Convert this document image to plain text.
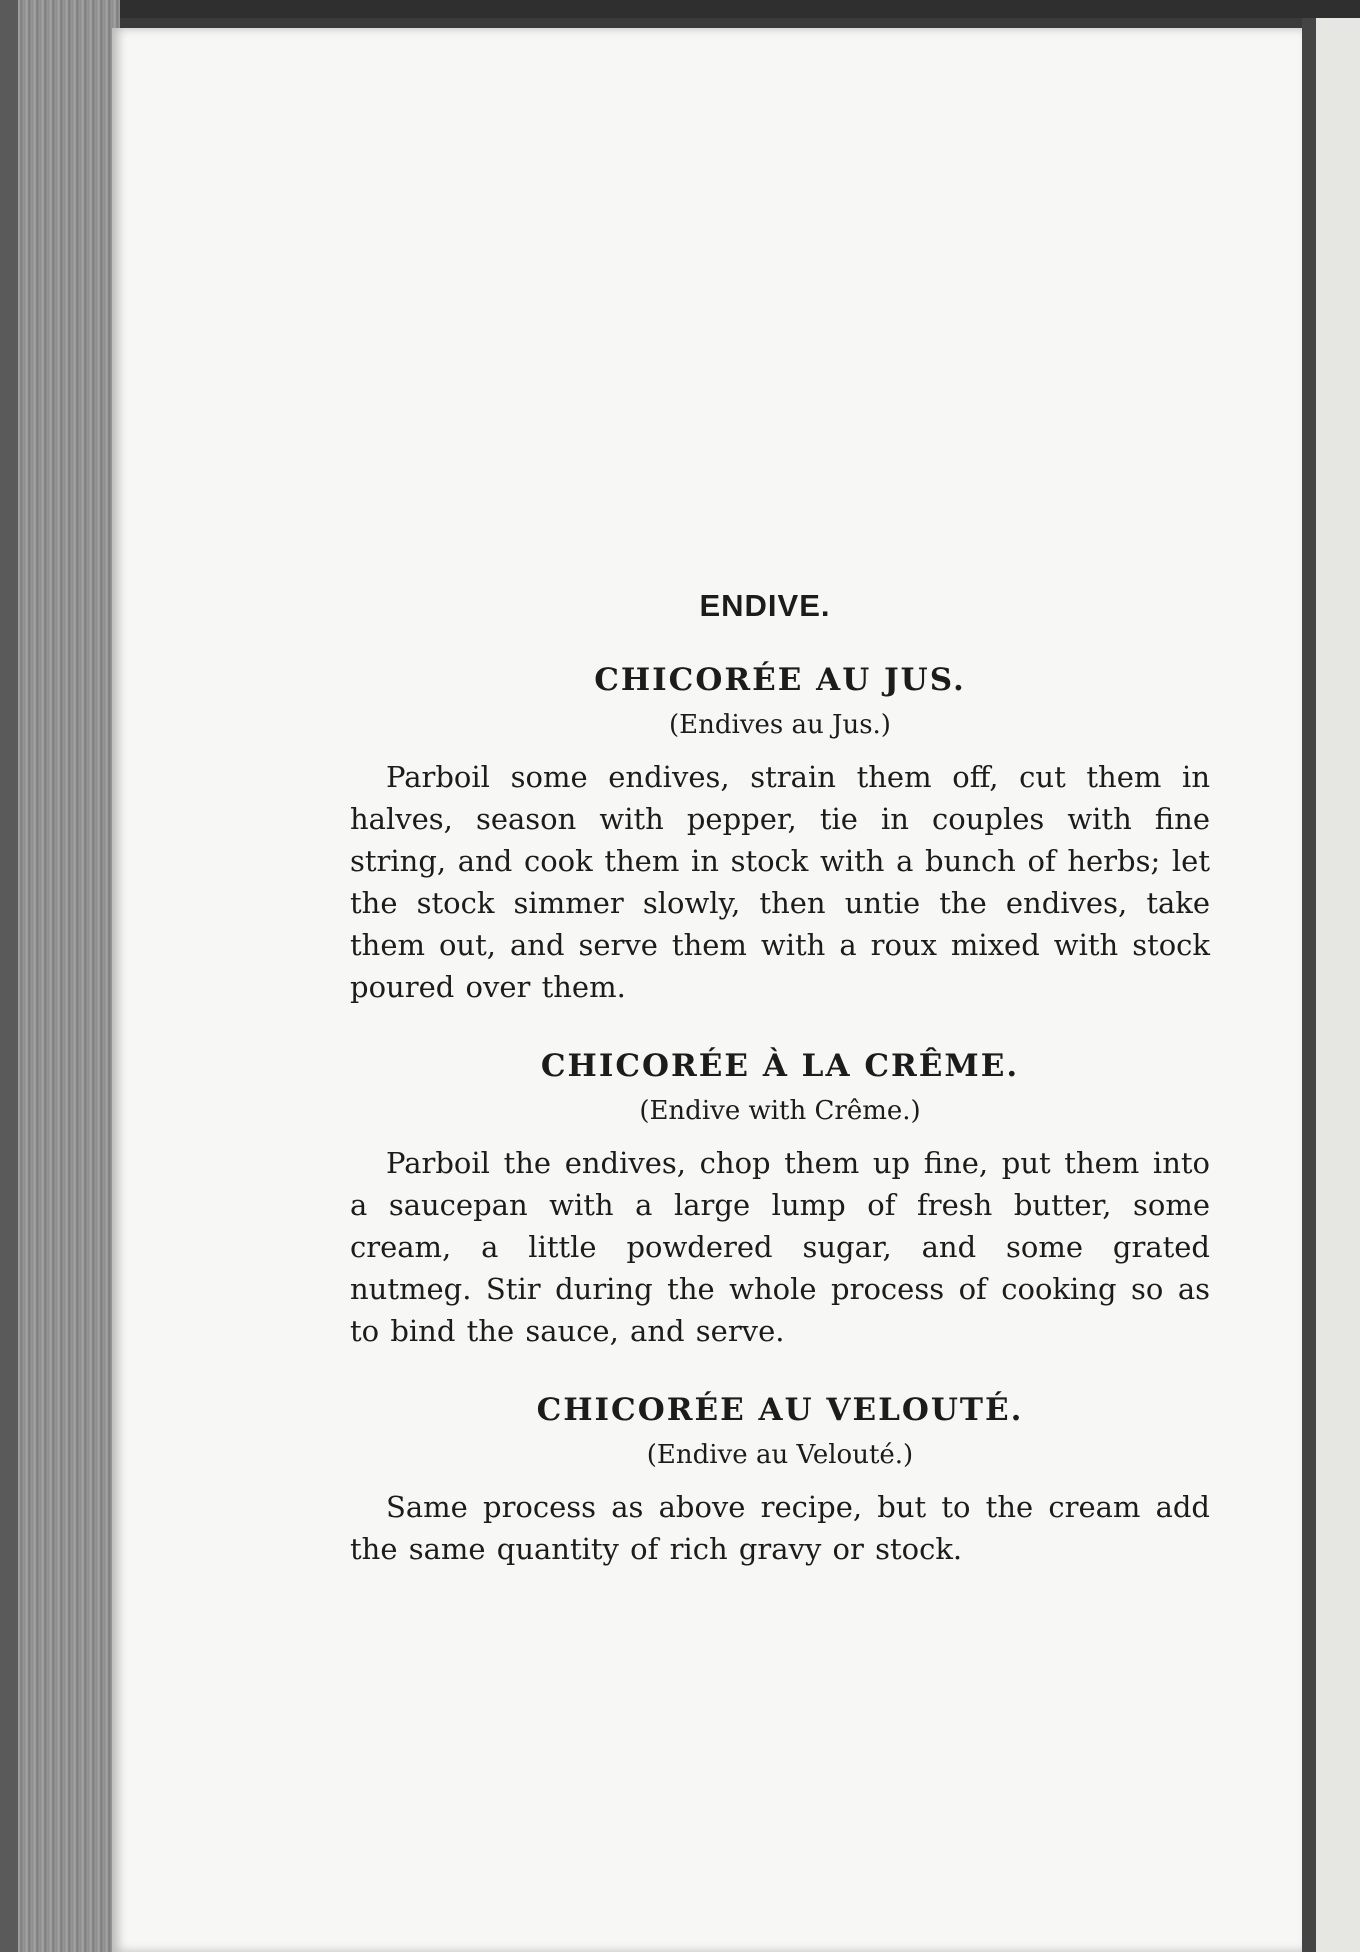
ENDIVE.
CHICORÉE AU JUS.
(Endives au Jus.)

Parboil some endives, strain them off, cut them in halves, season with pepper, tie in couples with fine string, and cook them in stock with a bunch of herbs; let the stock simmer slowly, then untie the endives, take them out, and serve them with a roux mixed with stock poured over them.

CHICORÉE À LA CRÊME.
(Endive with Crême.)

Parboil the endives, chop them up fine, put them into a saucepan with a large lump of fresh butter, some cream, a little powdered sugar, and some grated nutmeg. Stir during the whole process of cooking so as to bind the sauce, and serve.

CHICORÉE AU VELOUTÉ.
(Endive au Velouté.)

Same process as above recipe, but to the cream add the same quantity of rich gravy or stock.
